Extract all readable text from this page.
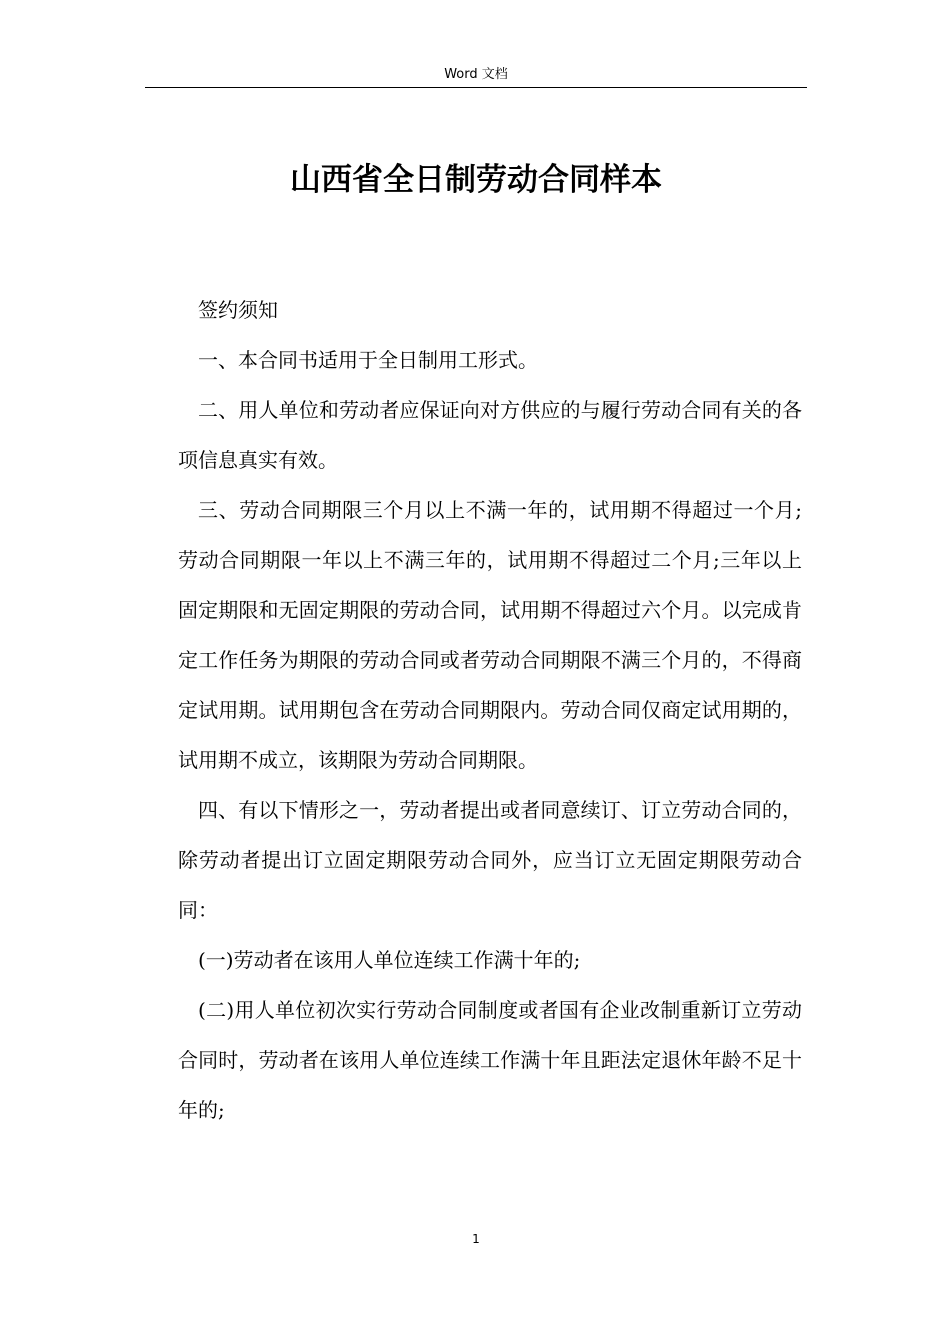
Word 文档
山西省全日制劳动合同样本

签约须知

一、本合同书适用于全日制用工形式。

二、用人单位和劳动者应保证向对方供应的与履行劳动合同有关的各项信息真实有效。

三、劳动合同期限三个月以上不满一年的，试用期不得超过一个月;劳动合同期限一年以上不满三年的，试用期不得超过二个月;三年以上固定期限和无固定期限的劳动合同，试用期不得超过六个月。以完成肯定工作任务为期限的劳动合同或者劳动合同期限不满三个月的，不得商定试用期。试用期包含在劳动合同期限内。劳动合同仅商定试用期的，试用期不成立，该期限为劳动合同期限。

四、有以下情形之一，劳动者提出或者同意续订、订立劳动合同的，除劳动者提出订立固定期限劳动合同外，应当订立无固定期限劳动合同：

(一)劳动者在该用人单位连续工作满十年的;

(二)用人单位初次实行劳动合同制度或者国有企业改制重新订立劳动合同时，劳动者在该用人单位连续工作满十年且距法定退休年龄不足十年的;

1
